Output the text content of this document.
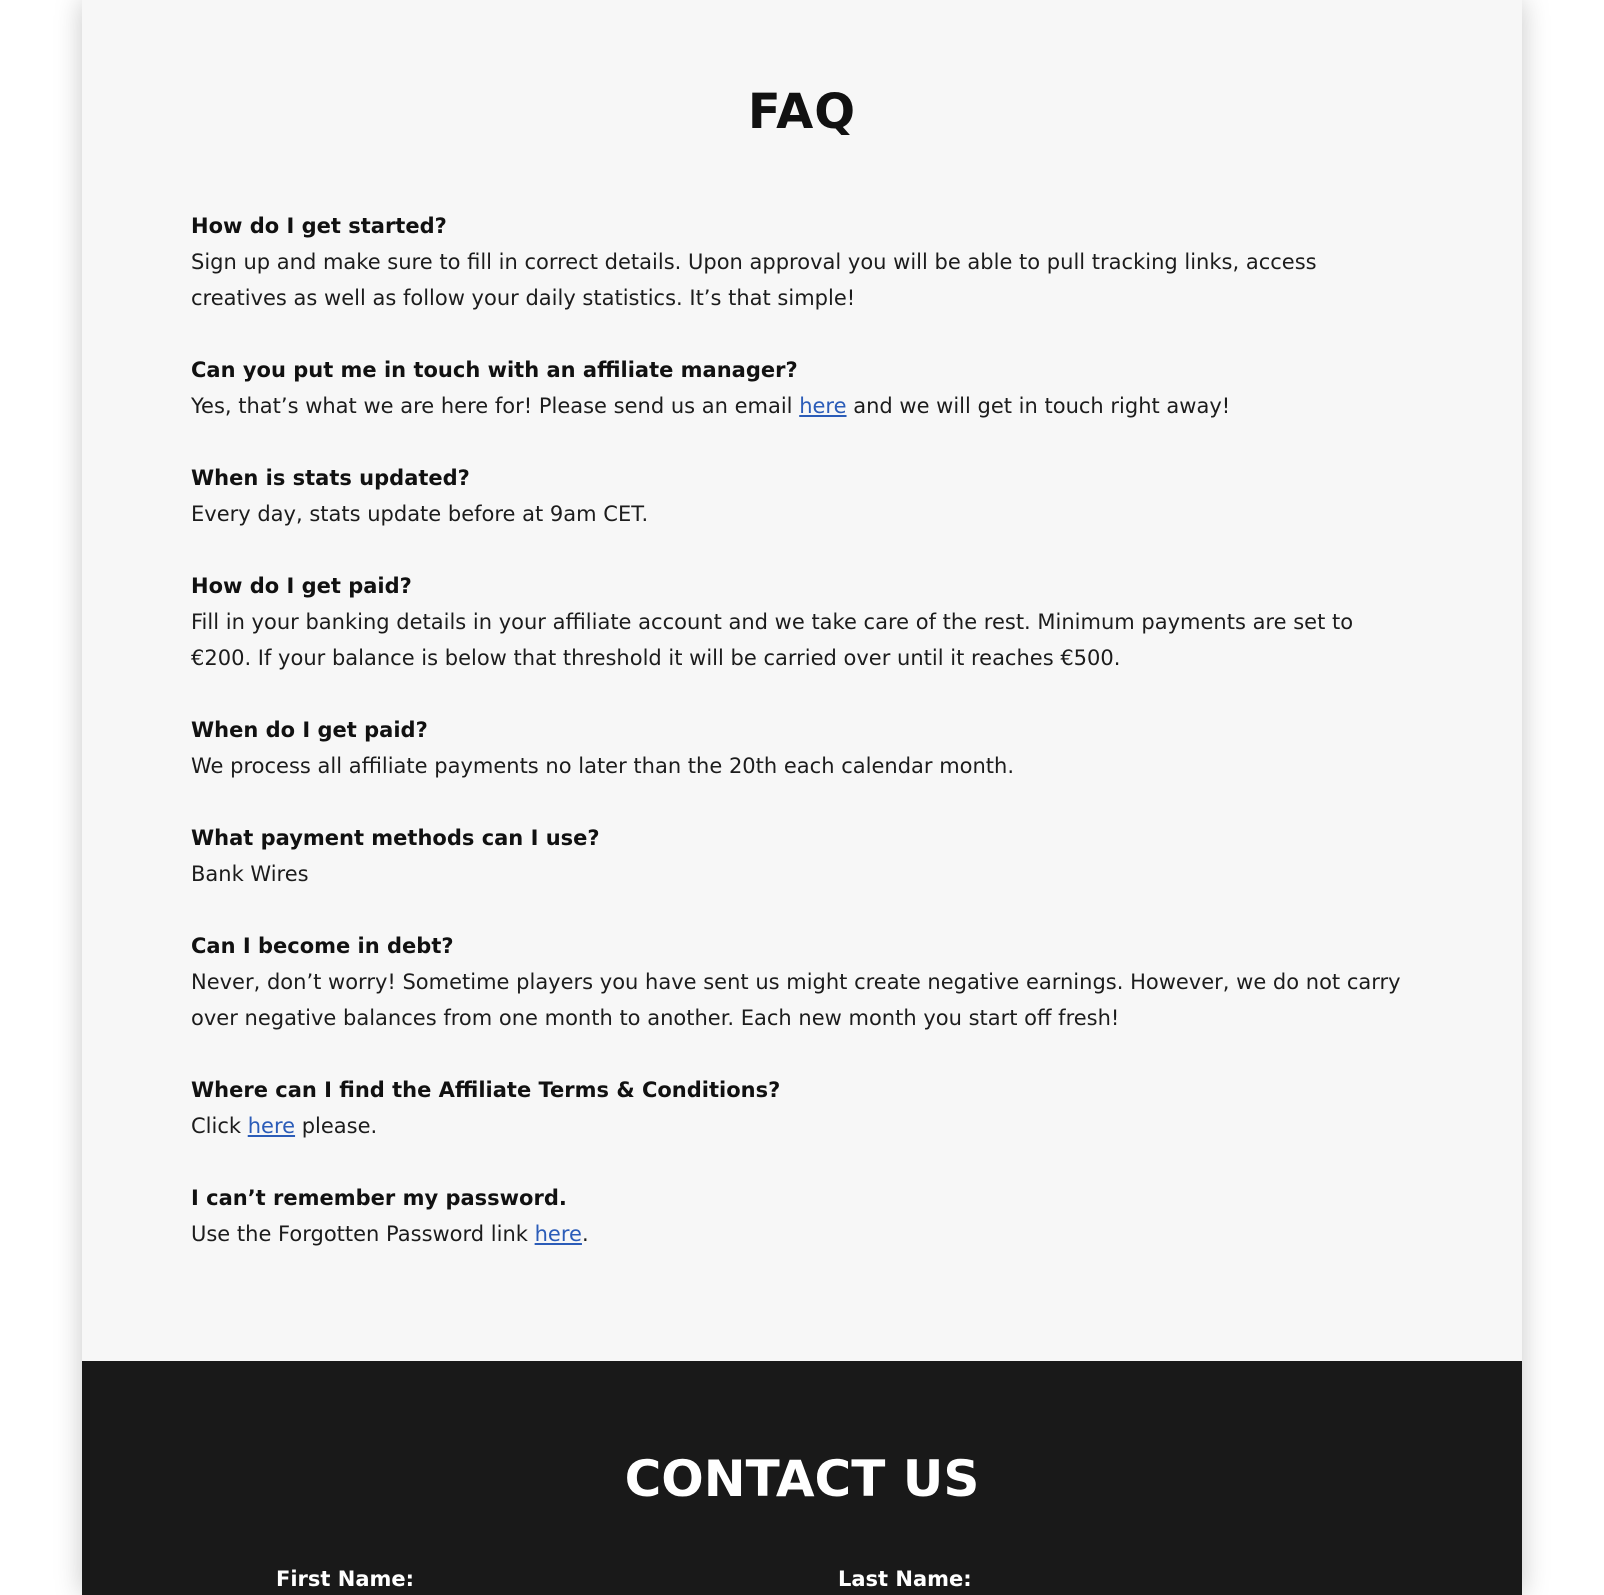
FAQ

How do I get started?

Sign up and make sure to fill in correct details. Upon approval you will be able to pull tracking links, access creatives as well as follow your daily statistics. It’s that simple!

Can you put me in touch with an affiliate manager?

Yes, that’s what we are here for! Please send us an email here and we will get in touch right away!

When is stats updated?

Every day, stats update before at 9am CET.

How do I get paid?

Fill in your banking details in your affiliate account and we take care of the rest. Minimum payments are set to €200. If your balance is below that threshold it will be carried over until it reaches €500.

When do I get paid?

We process all affiliate payments no later than the 20th each calendar month.

What payment methods can I use?

Bank Wires

Can I become in debt?

Never, don’t worry! Sometime players you have sent us might create negative earnings. However, we do not carry over negative balances from one month to another. Each new month you start off fresh!

Where can I find the Affiliate Terms & Conditions?

Click here please.

I can’t remember my password.

Use the Forgotten Password link here.

CONTACT US
First Name:	Last Name:
